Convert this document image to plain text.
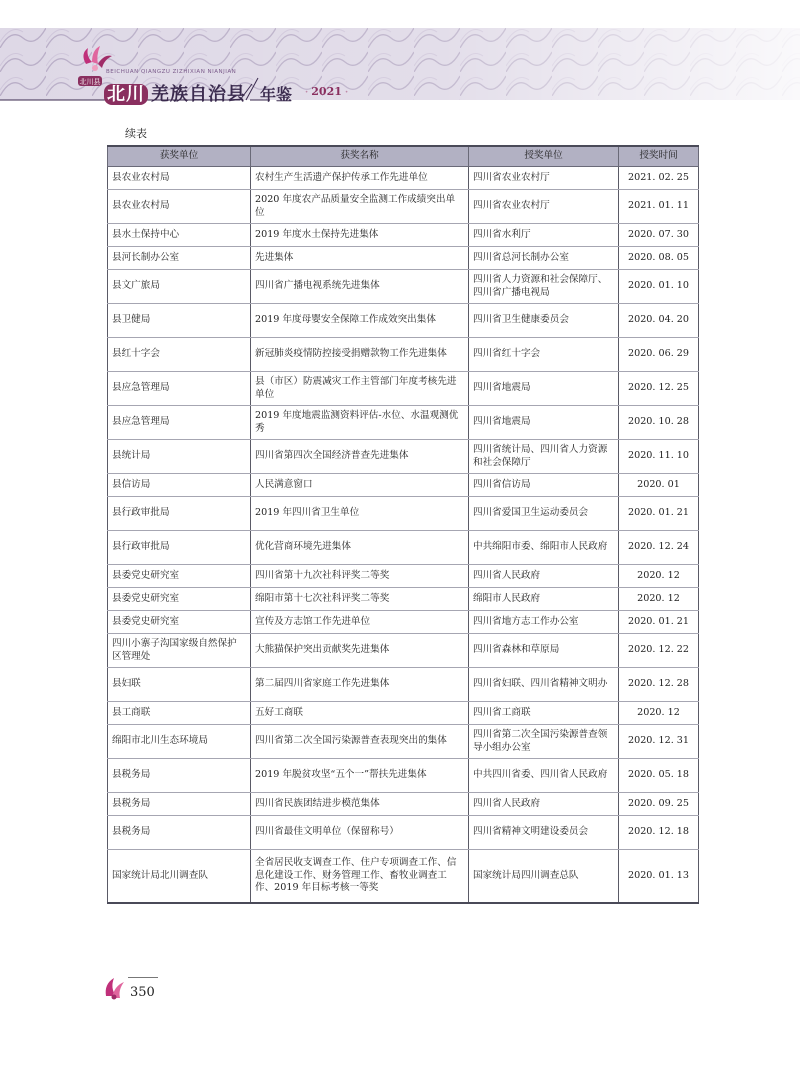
北川县
BEICHUAN QIANGZU ZIZHIXIAN NIANJIAN
北川 羌族自治县 年鉴 · 2021 ·
续表
获奖单位	获奖名称	授奖单位	授奖时间
县农业农村局	农村生产生活遗产保护传承工作先进单位	四川省农业农村厅	2021. 02. 25
县农业农村局	2020 年度农产品质量安全监测工作成绩突出单位	四川省农业农村厅	2021. 01. 11
县水土保持中心	2019 年度水土保持先进集体	四川省水利厅	2020. 07. 30
县河长制办公室	先进集体	四川省总河长制办公室	2020. 08. 05
县文广旅局	四川省广播电视系统先进集体	四川省人力资源和社会保障厅、四川省广播电视局	2020. 01. 10
县卫健局	2019 年度母婴安全保障工作成效突出集体	四川省卫生健康委员会	2020. 04. 20
县红十字会	新冠肺炎疫情防控接受捐赠款物工作先进集体	四川省红十字会	2020. 06. 29
县应急管理局	县（市区）防震减灾工作主管部门年度考核先进单位	四川省地震局	2020. 12. 25
县应急管理局	2019 年度地震监测资料评估-水位、水温观测优秀	四川省地震局	2020. 10. 28
县统计局	四川省第四次全国经济普查先进集体	四川省统计局、四川省人力资源和社会保障厅	2020. 11. 10
县信访局	人民满意窗口	四川省信访局	2020. 01
县行政审批局	2019 年四川省卫生单位	四川省爱国卫生运动委员会	2020. 01. 21
县行政审批局	优化营商环境先进集体	中共绵阳市委、绵阳市人民政府	2020. 12. 24
县委党史研究室	四川省第十九次社科评奖二等奖	四川省人民政府	2020. 12
县委党史研究室	绵阳市第十七次社科评奖二等奖	绵阳市人民政府	2020. 12
县委党史研究室	宣传及方志馆工作先进单位	四川省地方志工作办公室	2020. 01. 21
四川小寨子沟国家级自然保护区管理处	大熊猫保护突出贡献奖先进集体	四川省森林和草原局	2020. 12. 22
县妇联	第二届四川省家庭工作先进集体	四川省妇联、四川省精神文明办	2020. 12. 28
县工商联	五好工商联	四川省工商联	2020. 12
绵阳市北川生态环境局	四川省第二次全国污染源普查表现突出的集体	四川省第二次全国污染源普查领导小组办公室	2020. 12. 31
县税务局	2019 年脱贫攻坚“五个一”帮扶先进集体	中共四川省委、四川省人民政府	2020. 05. 18
县税务局	四川省民族团结进步模范集体	四川省人民政府	2020. 09. 25
县税务局	四川省最佳文明单位（保留称号）	四川省精神文明建设委员会	2020. 12. 18
国家统计局北川调查队	全省居民收支调查工作、住户专项调查工作、信息化建设工作、财务管理工作、畜牧业调查工作、2019 年目标考核一等奖	国家统计局四川调查总队	2020. 01. 13
350
